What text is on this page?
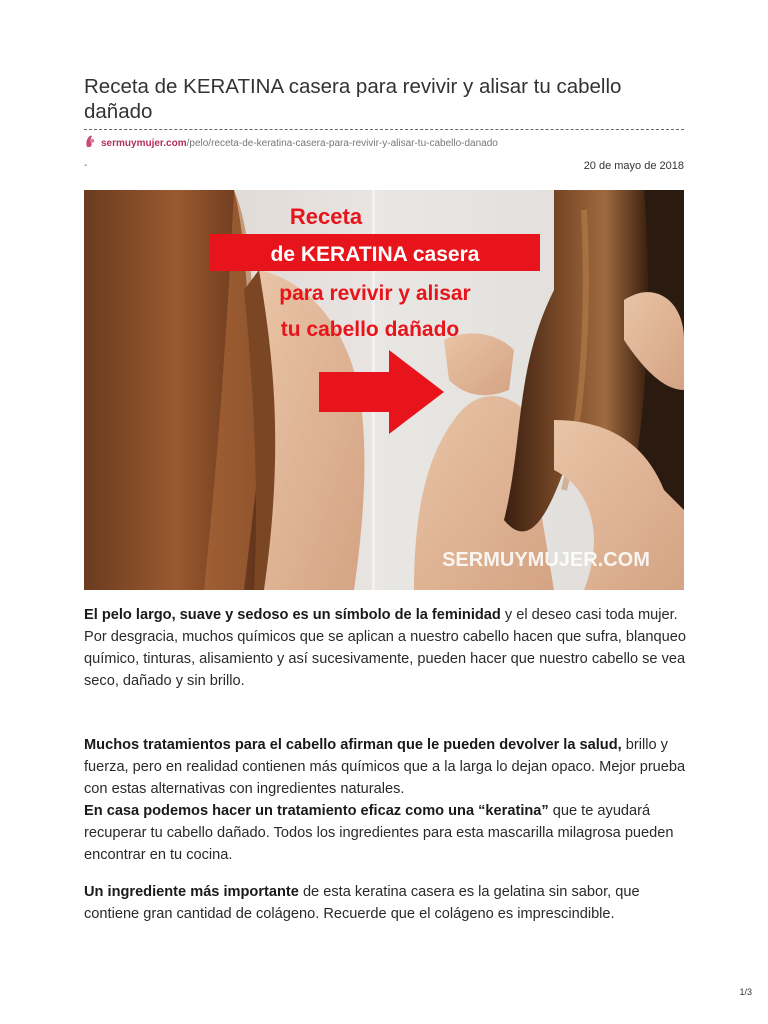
Receta de KERATINA casera para revivir y alisar tu cabello dañado
sermuymujer.com/pelo/receta-de-keratina-casera-para-revivir-y-alisar-tu-cabello-danado
-	20 de mayo de 2018
Receta
de KERATINA casera
para revivir y alisar
tu cabello dañado
SERMUYMUJER.COM

El pelo largo, suave y sedoso es un símbolo de la feminidad y el deseo casi toda mujer. Por desgracia, muchos químicos que se aplican a nuestro cabello hacen que sufra, blanqueo químico, tinturas, alisamiento y así sucesivamente, pueden hacer que nuestro cabello se vea seco, dañado y sin brillo.

Muchos tratamientos para el cabello afirman que le pueden devolver la salud, brillo y fuerza, pero en realidad contienen más químicos que a la larga lo dejan opaco. Mejor prueba con estas alternativas con ingredientes naturales.

En casa podemos hacer un tratamiento eficaz como una “keratina” que te ayudará recuperar tu cabello dañado. Todos los ingredientes para esta mascarilla milagrosa pueden encontrar en tu cocina.

Un ingrediente más importante de esta keratina casera es la gelatina sin sabor, que contiene gran cantidad de colágeno. Recuerde que el colágeno es imprescindible.

1/3
